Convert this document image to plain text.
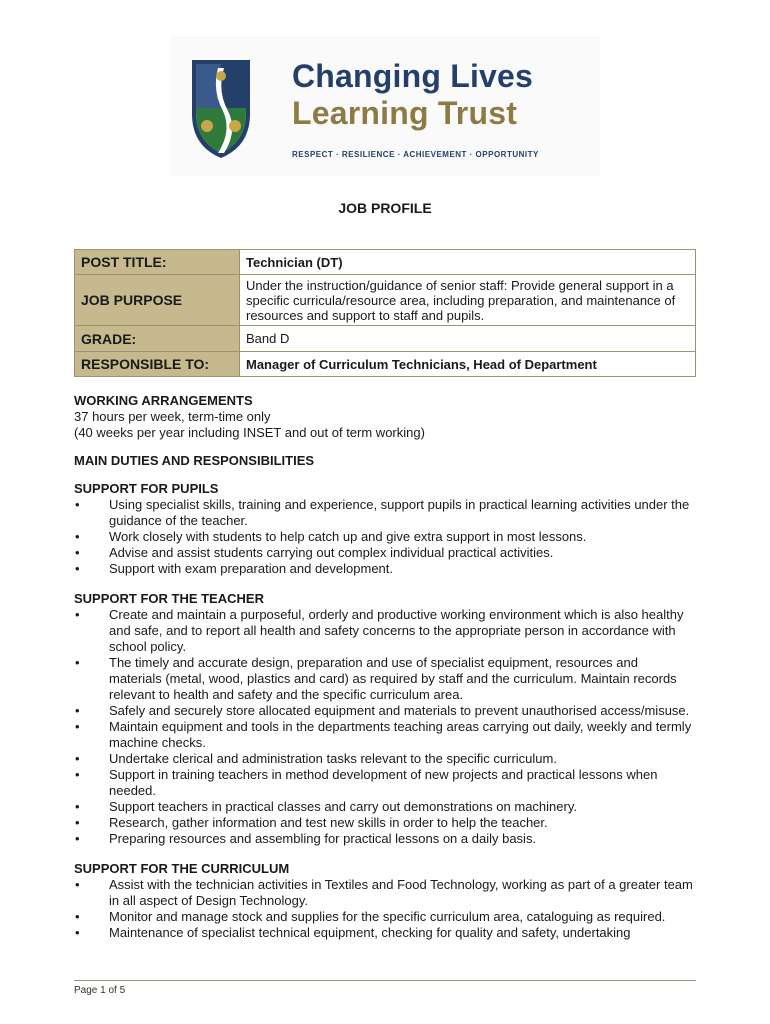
Changing Lives
Learning Trust
RESPECT · RESILIENCE · ACHIEVEMENT · OPPORTUNITY
JOB PROFILE
POST TITLE:	Technician (DT)
JOB PURPOSE	Under the instruction/guidance of senior staff: Provide general support in a specific curricula/resource area, including preparation, and maintenance of resources and support to staff and pupils.
GRADE:	Band D
RESPONSIBLE TO:	Manager of Curriculum Technicians, Head of Department
WORKING ARRANGEMENTS
37 hours per week, term-time only
(40 weeks per year including INSET and out of term working)
MAIN DUTIES AND RESPONSIBILITIES
SUPPORT FOR PUPILS
• Using specialist skills, training and experience, support pupils in practical learning activities under the guidance of the teacher.
• Work closely with students to help catch up and give extra support in most lessons.
• Advise and assist students carrying out complex individual practical activities.
• Support with exam preparation and development.
SUPPORT FOR THE TEACHER
• Create and maintain a purposeful, orderly and productive working environment which is also healthy and safe, and to report all health and safety concerns to the appropriate person in accordance with school policy.
• The timely and accurate design, preparation and use of specialist equipment, resources and materials (metal, wood, plastics and card) as required by staff and the curriculum. Maintain records relevant to health and safety and the specific curriculum area.
• Safely and securely store allocated equipment and materials to prevent unauthorised access/misuse.
• Maintain equipment and tools in the departments teaching areas carrying out daily, weekly and termly machine checks.
• Undertake clerical and administration tasks relevant to the specific curriculum.
• Support in training teachers in method development of new projects and practical lessons when needed.
• Support teachers in practical classes and carry out demonstrations on machinery.
• Research, gather information and test new skills in order to help the teacher.
• Preparing resources and assembling for practical lessons on a daily basis.
SUPPORT FOR THE CURRICULUM
• Assist with the technician activities in Textiles and Food Technology, working as part of a greater team in all aspect of Design Technology.
• Monitor and manage stock and supplies for the specific curriculum area, cataloguing as required.
• Maintenance of specialist technical equipment, checking for quality and safety, undertaking
Page 1 of 5
